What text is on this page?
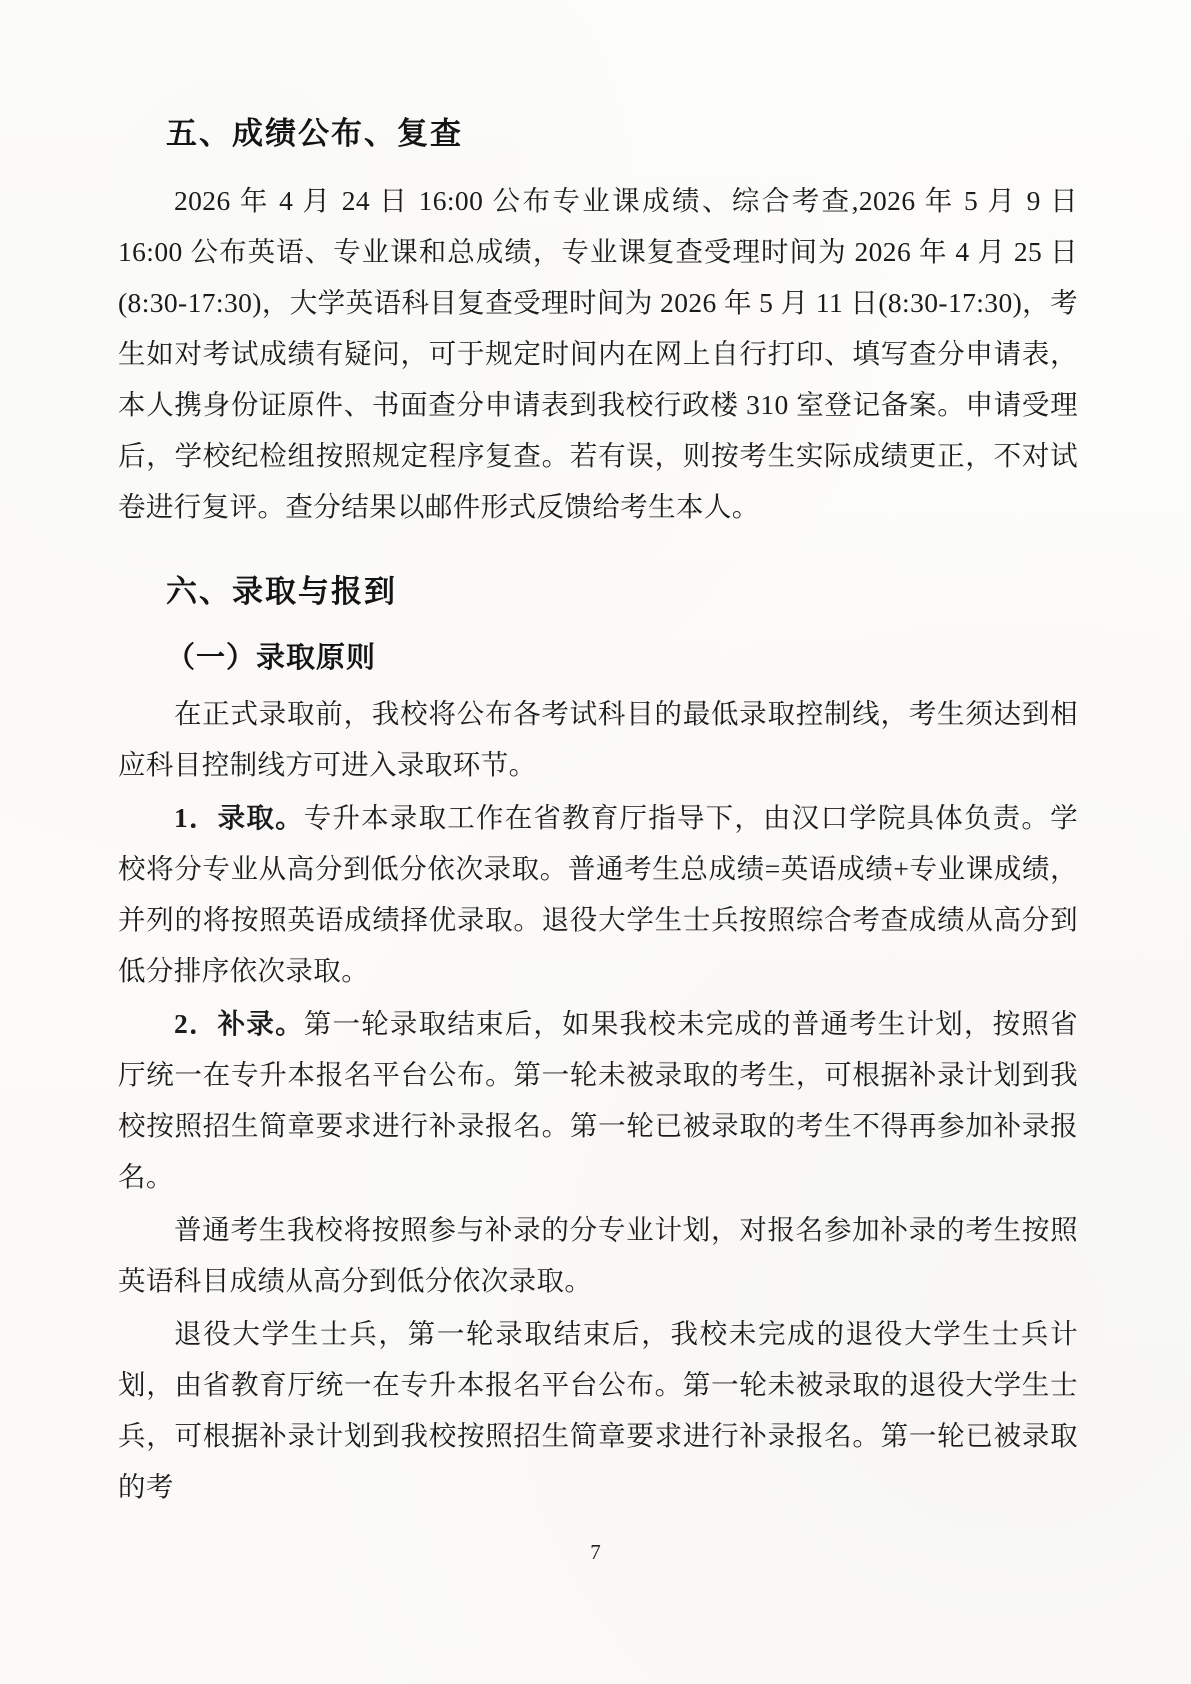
五、成绩公布、复查

2026 年 4 月 24 日 16:00 公布专业课成绩、综合考查,2026 年 5 月 9 日 16:00 公布英语、专业课和总成绩，专业课复查受理时间为 2026 年 4 月 25 日 (8:30-17:30)，大学英语科目复查受理时间为 2026 年 5 月 11 日(8:30-17:30)，考生如对考试成绩有疑问，可于规定时间内在网上自行打印、填写查分申请表，本人携身份证原件、书面查分申请表到我校行政楼 310 室登记备案。申请受理后，学校纪检组按照规定程序复查。若有误，则按考生实际成绩更正，不对试卷进行复评。查分结果以邮件形式反馈给考生本人。

六、录取与报到
（一）录取原则

在正式录取前，我校将公布各考试科目的最低录取控制线，考生须达到相应科目控制线方可进入录取环节。

1．录取。专升本录取工作在省教育厅指导下，由汉口学院具体负责。学校将分专业从高分到低分依次录取。普通考生总成绩=英语成绩+专业课成绩，并列的将按照英语成绩择优录取。退役大学生士兵按照综合考查成绩从高分到低分排序依次录取。

2．补录。第一轮录取结束后，如果我校未完成的普通考生计划，按照省厅统一在专升本报名平台公布。第一轮未被录取的考生，可根据补录计划到我校按照招生简章要求进行补录报名。第一轮已被录取的考生不得再参加补录报名。

普通考生我校将按照参与补录的分专业计划，对报名参加补录的考生按照英语科目成绩从高分到低分依次录取。

退役大学生士兵，第一轮录取结束后，我校未完成的退役大学生士兵计划，由省教育厅统一在专升本报名平台公布。第一轮未被录取的退役大学生士兵，可根据补录计划到我校按照招生简章要求进行补录报名。第一轮已被录取的考

7
